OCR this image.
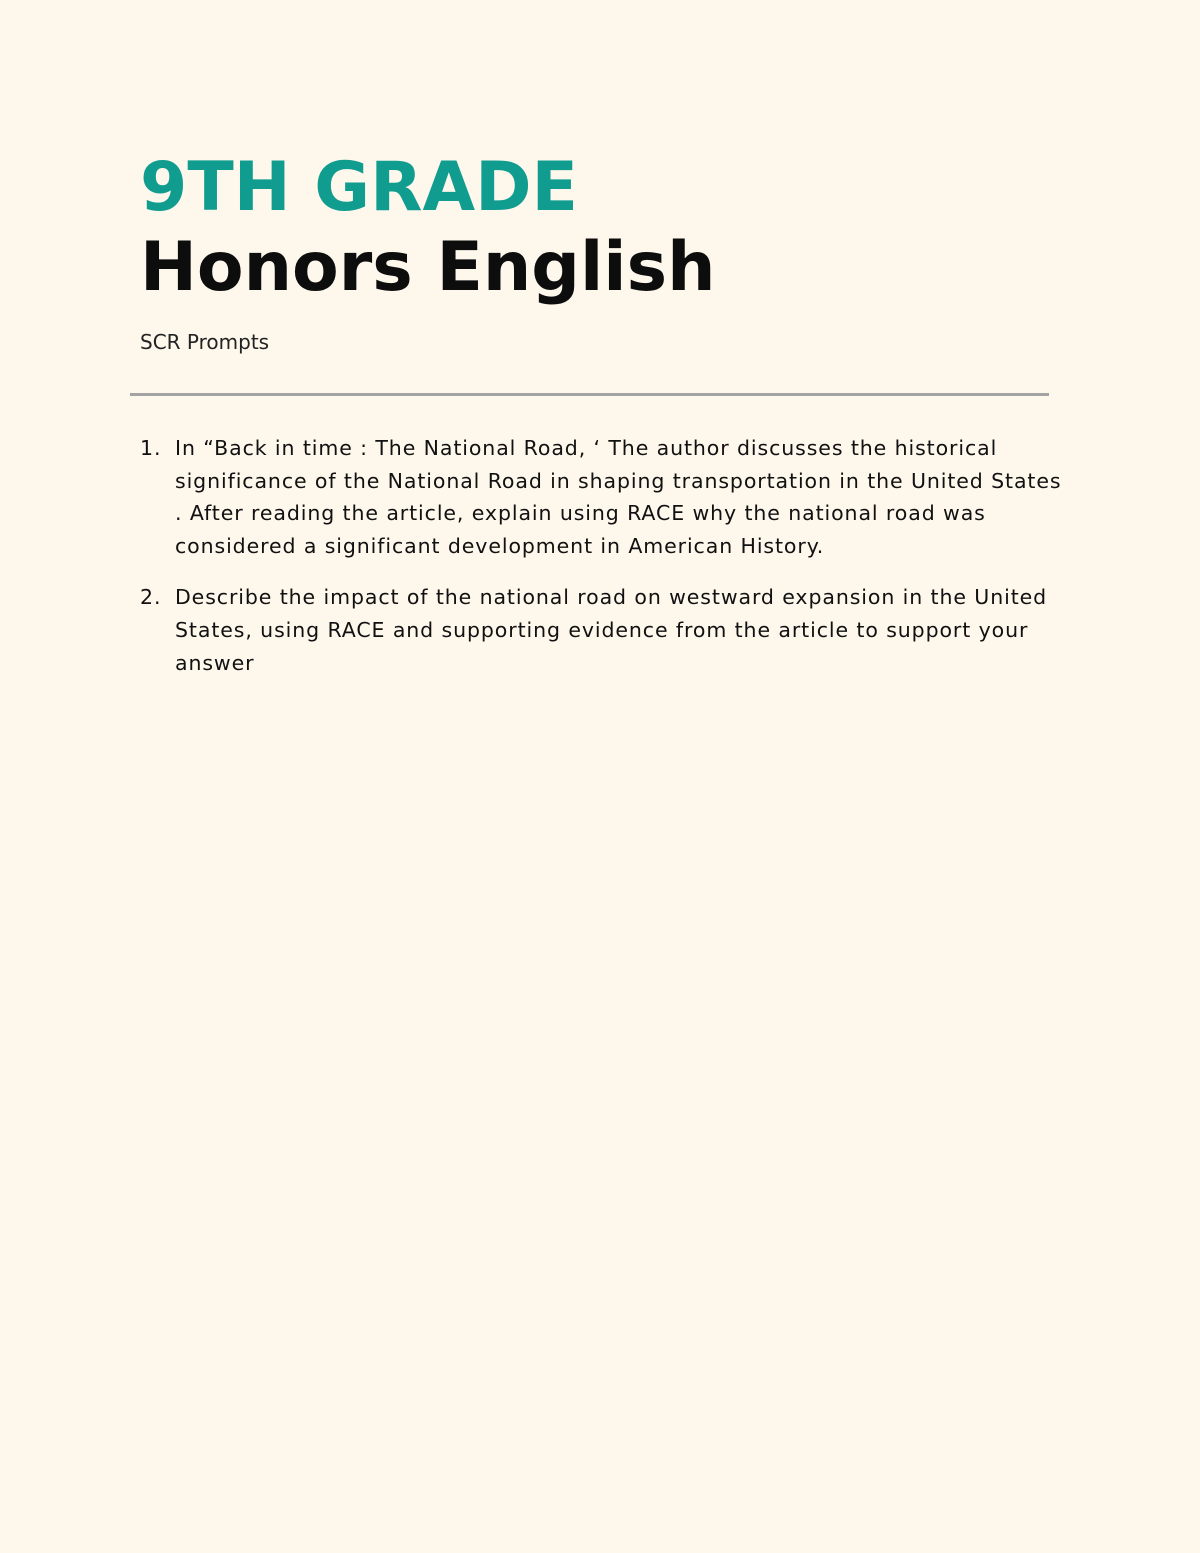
9TH GRADE
Honors English

SCR Prompts

1. In “Back in time : The National Road, ‘ The author discusses the historical significance of the National Road in shaping transportation in the United States . After reading the article, explain using RACE why the national road was considered a significant development in American History.
2. Describe the impact of the national road on westward expansion in the United States, using RACE and supporting evidence from the article to support your answer
